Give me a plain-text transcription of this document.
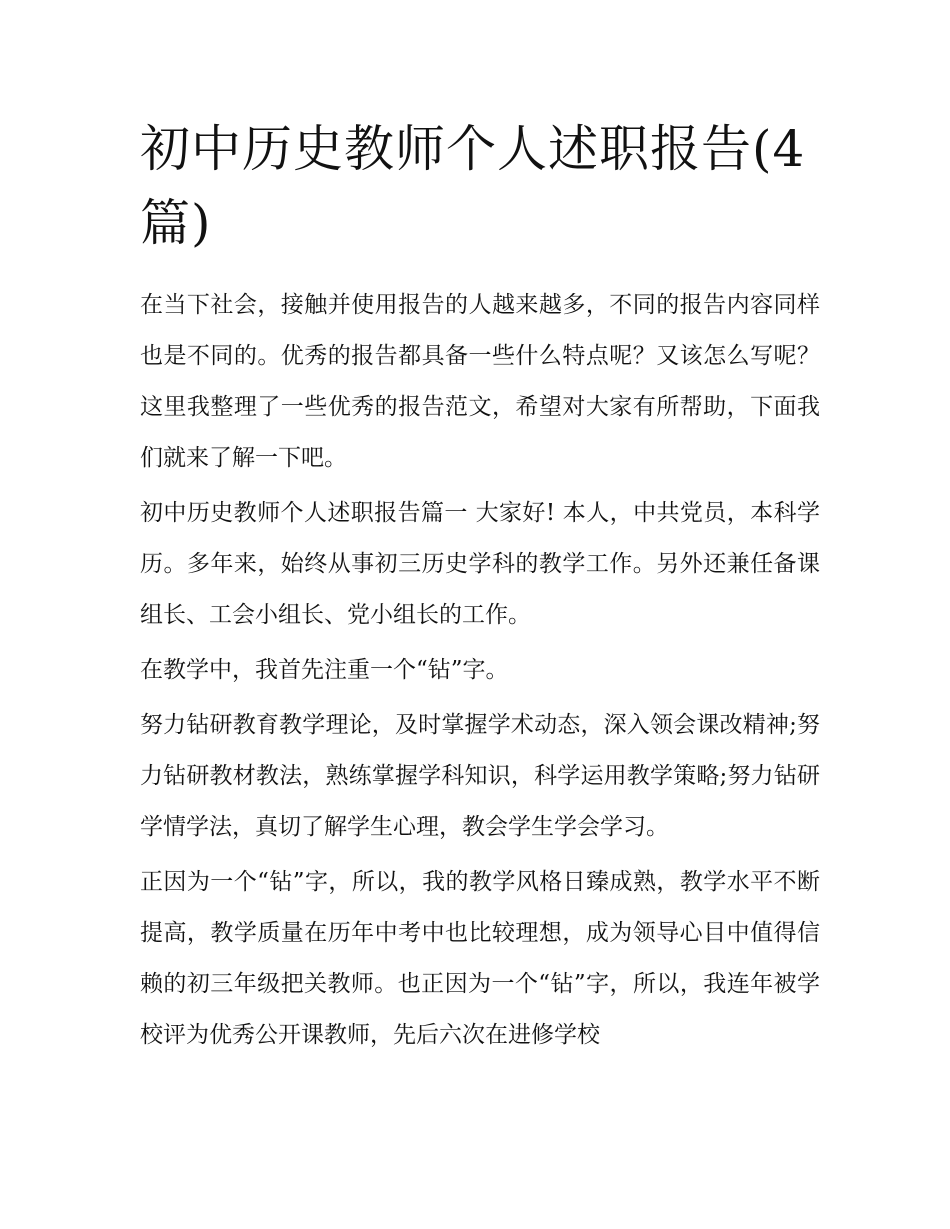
初中历史教师个人述职报告(4篇)

在当下社会，接触并使用报告的人越来越多，不同的报告内容同样也是不同的。优秀的报告都具备一些什么特点呢？又该怎么写呢？这里我整理了一些优秀的报告范文，希望对大家有所帮助，下面我们就来了解一下吧。

初中历史教师个人述职报告篇一 大家好! 本人，中共党员，本科学历。多年来，始终从事初三历史学科的教学工作。另外还兼任备课组长、工会小组长、党小组长的工作。

在教学中，我首先注重一个“钻”字。

努力钻研教育教学理论，及时掌握学术动态，深入领会课改精神;努力钻研教材教法，熟练掌握学科知识，科学运用教学策略;努力钻研学情学法，真切了解学生心理，教会学生学会学习。

正因为一个“钻”字，所以，我的教学风格日臻成熟，教学水平不断提高，教学质量在历年中考中也比较理想，成为领导心目中值得信赖的初三年级把关教师。也正因为一个“钻”字，所以，我连年被学校评为优秀公开课教师，先后六次在进修学校
